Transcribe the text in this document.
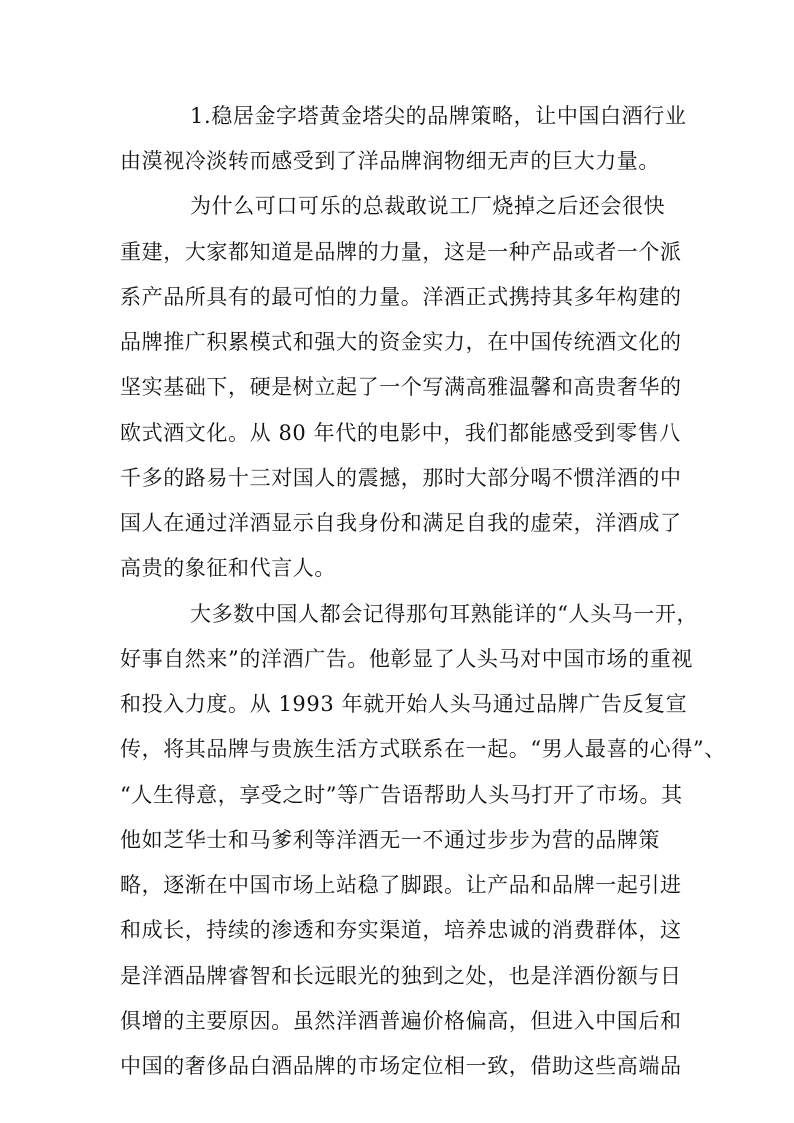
1.稳居金字塔黄金塔尖的品牌策略，让中国白酒行业
由漠视冷淡转而感受到了洋品牌润物细无声的巨大力量。
为什么可口可乐的总裁敢说工厂烧掉之后还会很快
重建，大家都知道是品牌的力量，这是一种产品或者一个派
系产品所具有的最可怕的力量。洋酒正式携持其多年构建的
品牌推广积累模式和强大的资金实力，在中国传统酒文化的
坚实基础下，硬是树立起了一个写满高雅温馨和高贵奢华的
欧式酒文化。从 80 年代的电影中，我们都能感受到零售八
千多的路易十三对国人的震撼，那时大部分喝不惯洋酒的中
国人在通过洋酒显示自我身份和满足自我的虚荣，洋酒成了
高贵的象征和代言人。
大多数中国人都会记得那句耳熟能详的“人头马一开，
好事自然来”的洋酒广告。他彰显了人头马对中国市场的重视
和投入力度。从 1993 年就开始人头马通过品牌广告反复宣
传，将其品牌与贵族生活方式联系在一起。“男人最喜的心得”、
“人生得意，享受之时”等广告语帮助人头马打开了市场。其
他如芝华士和马爹利等洋酒无一不通过步步为营的品牌策
略，逐渐在中国市场上站稳了脚跟。让产品和品牌一起引进
和成长，持续的渗透和夯实渠道，培养忠诚的消费群体，这
是洋酒品牌睿智和长远眼光的独到之处，也是洋酒份额与日
俱增的主要原因。虽然洋酒普遍价格偏高，但进入中国后和
中国的奢侈品白酒品牌的市场定位相一致，借助这些高端品
